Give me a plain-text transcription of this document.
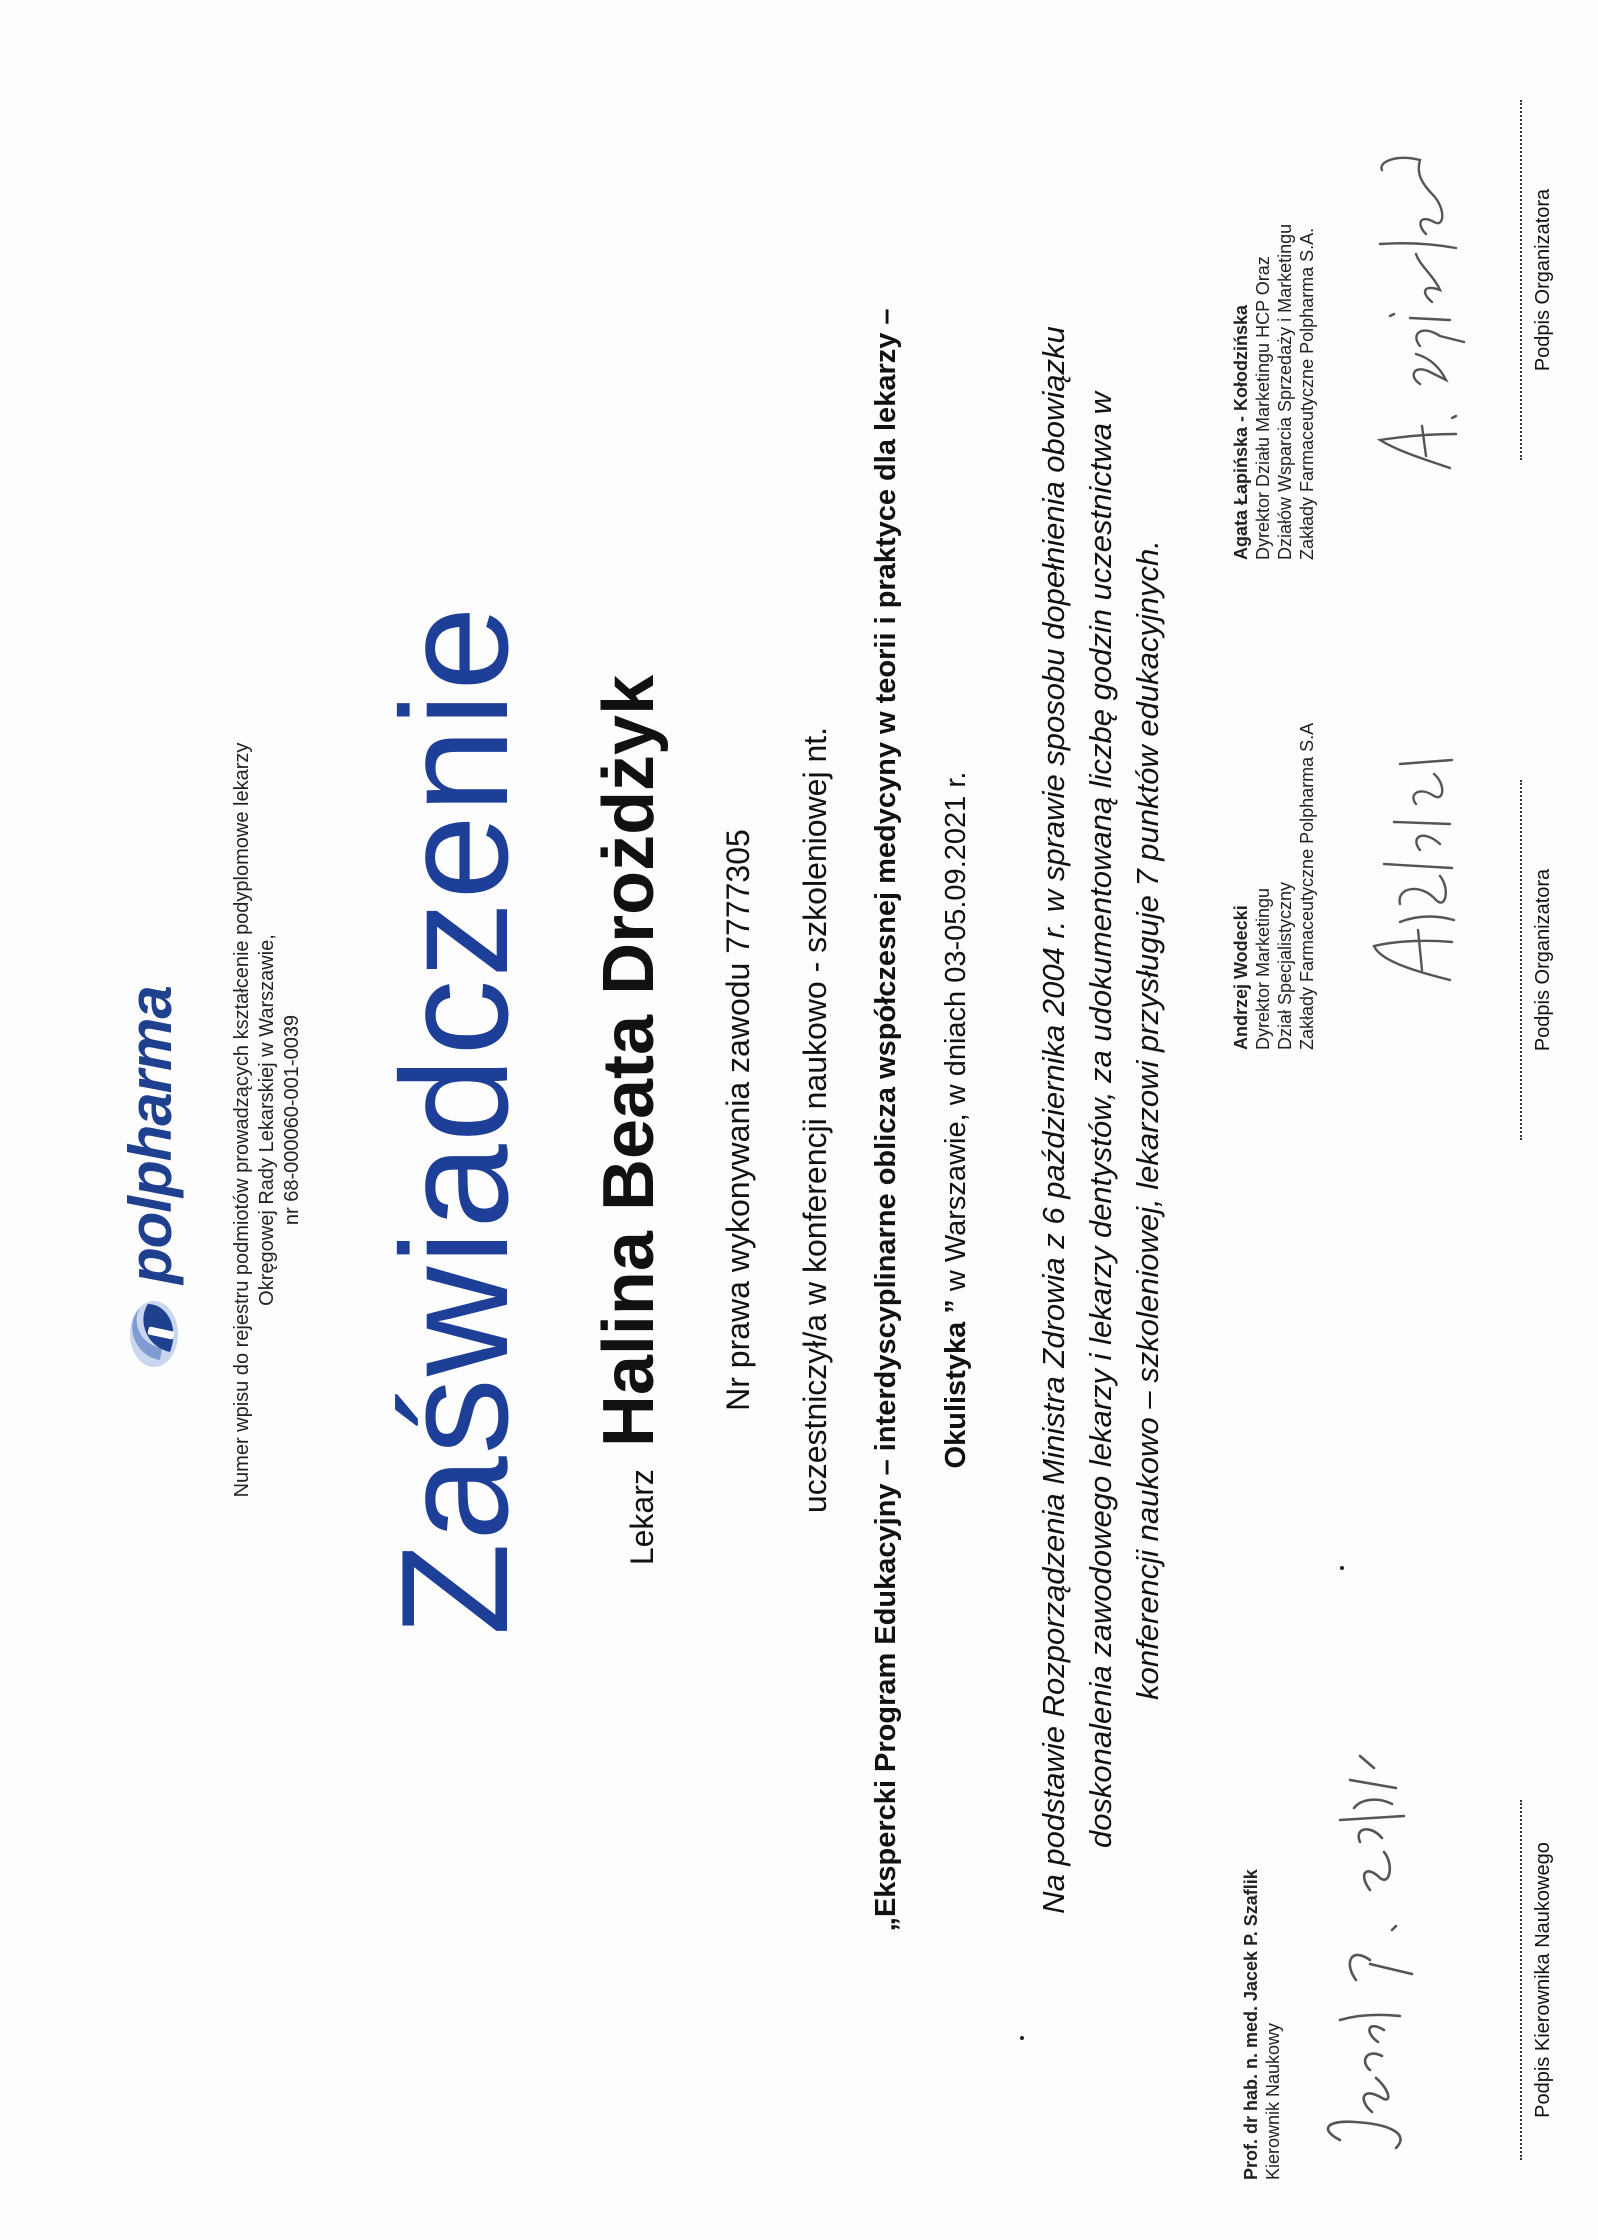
polpharma Numer wpisu do rejestru podmiotów prowadzących kształcenie podyplomowe lekarzy Okręgowej Rady Lekarskiej w Warszawie, nr 68-000060-001-0039 Zaświadczenie	Lekarz
Halina Beata Drożdżyk Nr prawa wykonywania zawodu 7777305 uczestniczył/a w konferencji naukowo - szkoleniowej nt. „Ekspercki Program Edukacyjny – interdyscyplinarne oblicza współczesnej medycyny w teorii i praktyce dla lekarzy – Okulistyka ” w Warszawie, w dniach 03-05.09.2021 r. Na podstawie Rozporządzenia Ministra Zdrowia z 6 października 2004 r. w sprawie sposobu dopełnienia obowiązku doskonalenia zawodowego lekarzy i lekarzy dentystów, za udokumentowaną liczbę godzin uczestnictwa w konferencji naukowo – szkoleniowej, lekarzowi przysługuje 7 punktów edukacyjnych.
Prof. dr hab. n. med. Jacek P. Szaflik Kierownik Naukowy	Podpis Kierownika Naukowego
Andrzej Wodecki Dyrektor Marketingu Dział Specjalistyczny Zakłady Farmaceutyczne Polpharma S.A	Podpis Organizatora
Agata Łapińska - Kołodzińska Dyrektor Działu Marketingu HCP Oraz Działów Wsparcia Sprzedaży i Marketingu Zakłady Farmaceutyczne Polpharma S.A.	Podpis Organizatora
